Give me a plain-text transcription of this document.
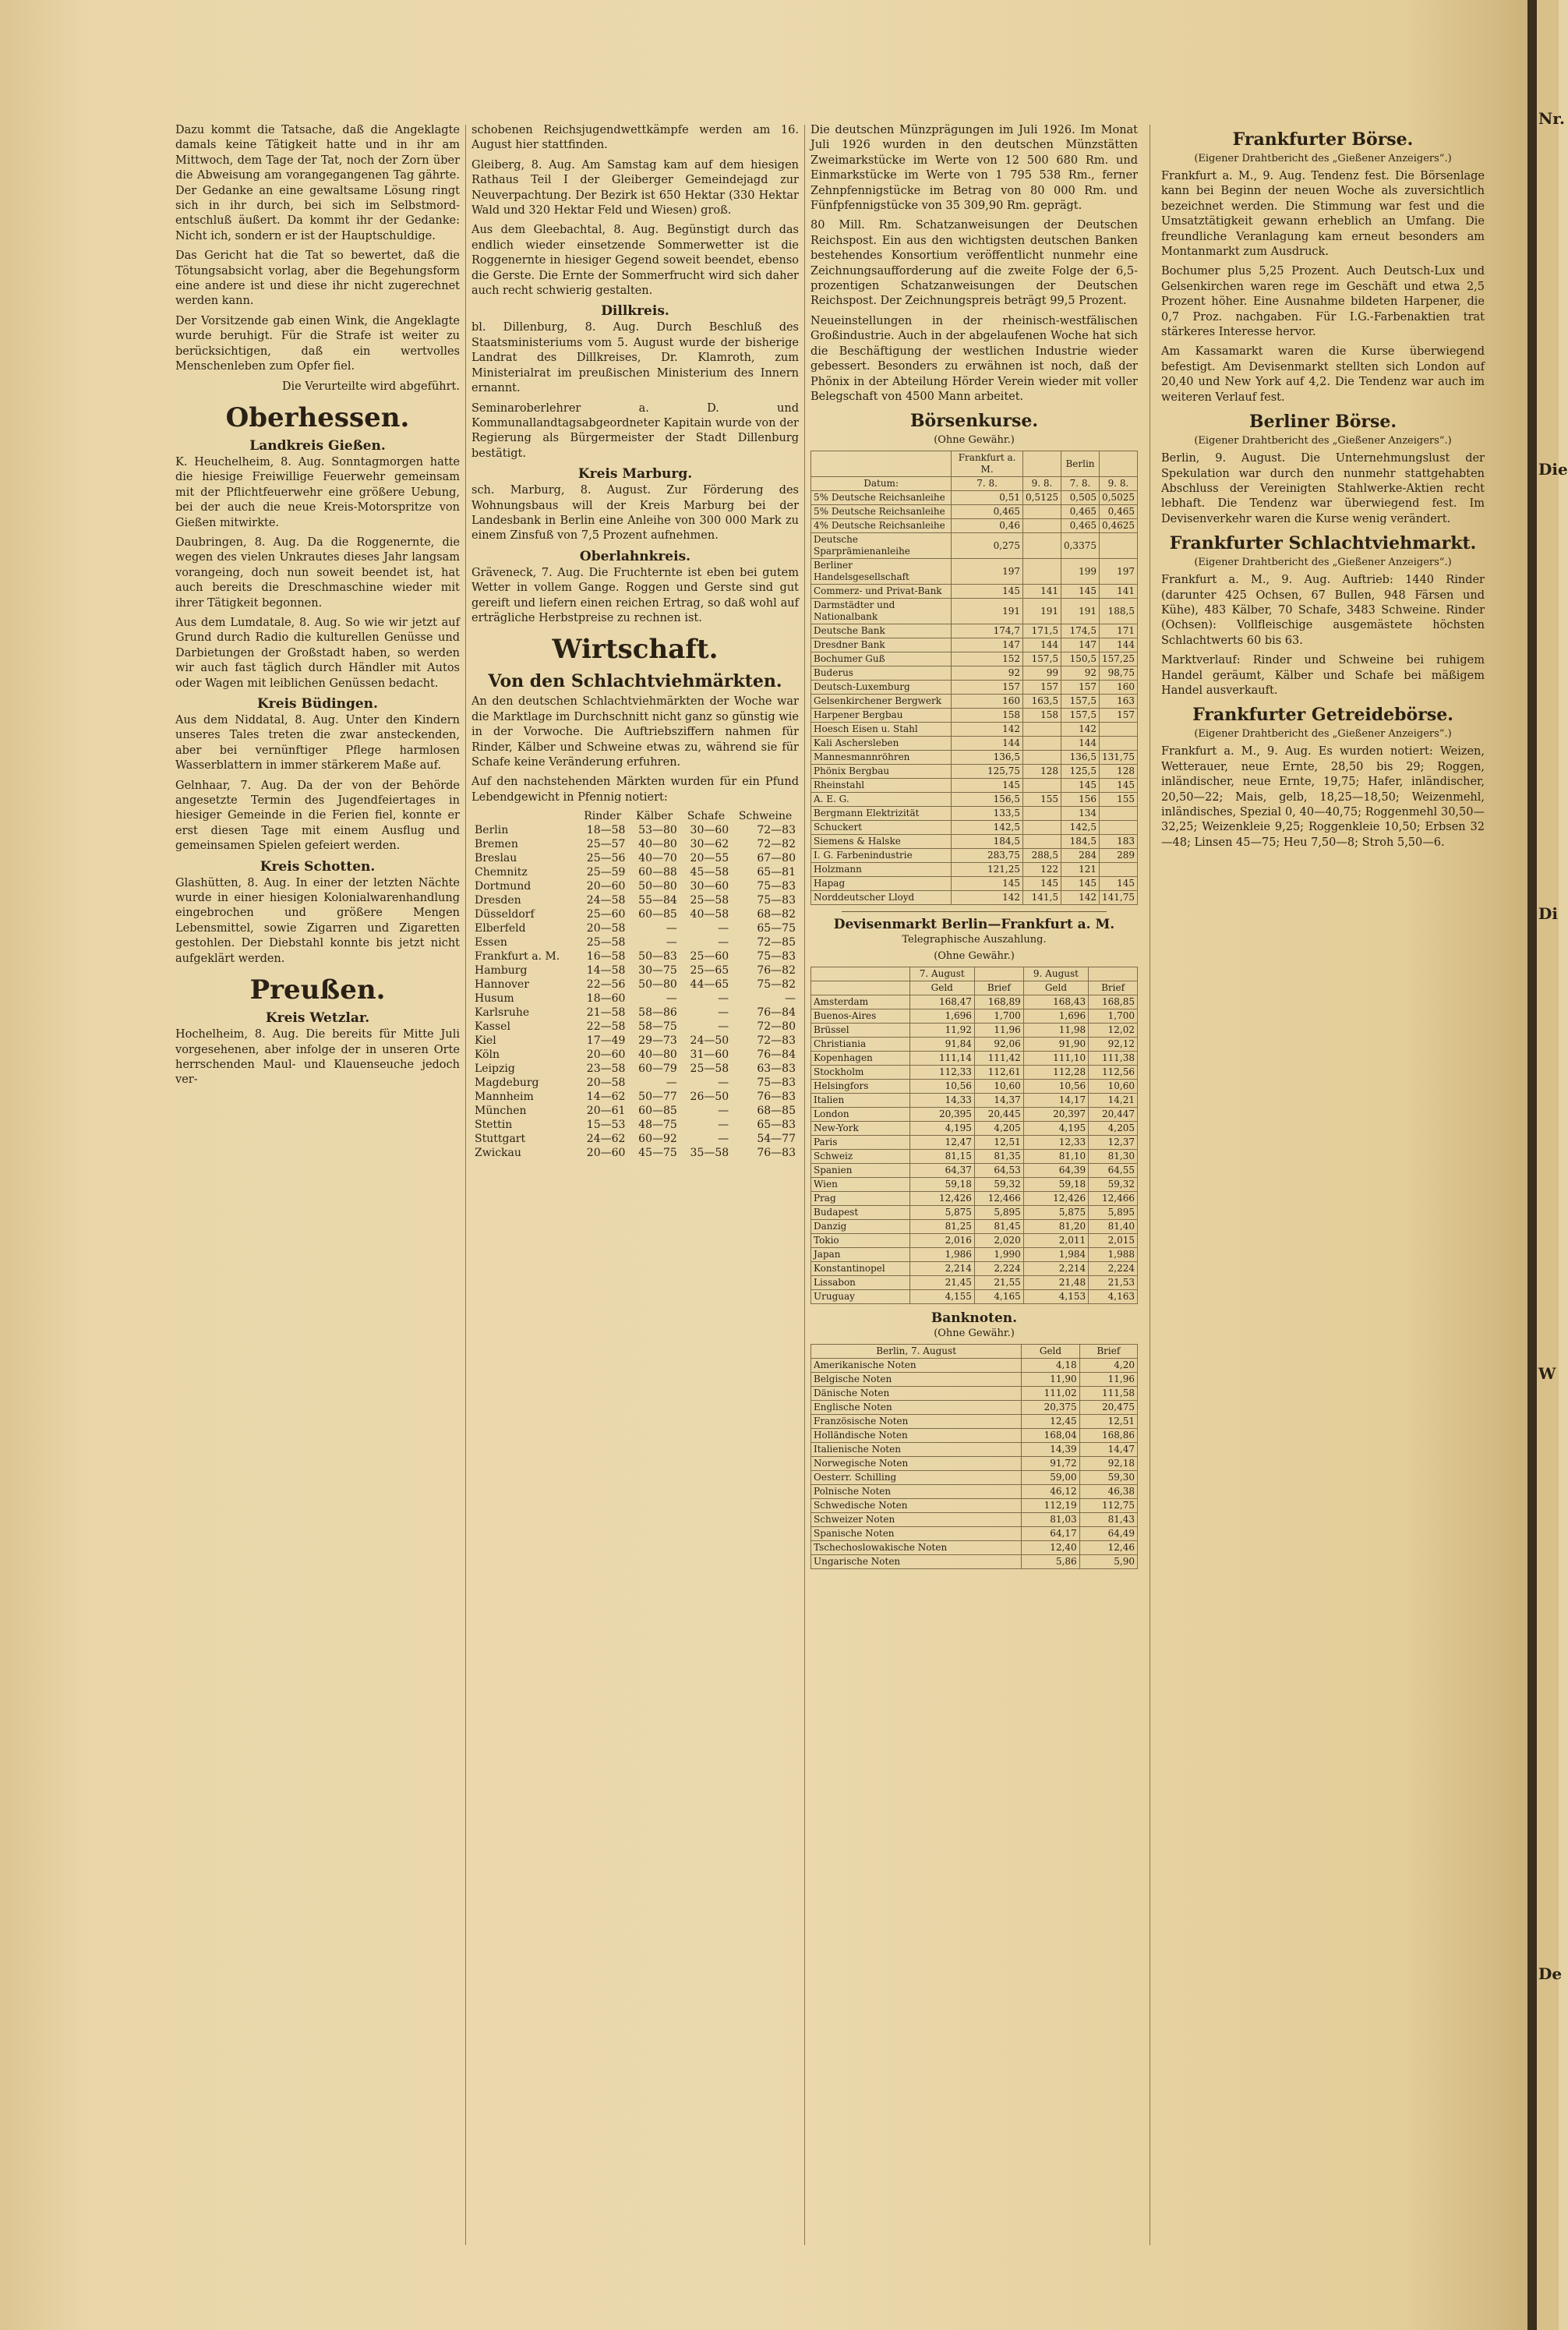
Dazu kommt die Tatsache, daß die Angeklagte damals keine Tätigkeit hatte und in ihr am Mittwoch, dem Tage der Tat, noch der Zorn über die Abweisung am vorangegangenen Tag gährte. Der Gedanke an eine gewaltsame Lösung ringt sich in ihr durch, bei sich im Selbstmord-entschluß äußert. Da kommt ihr der Gedanke: Nicht ich, sondern er ist der Hauptschuldige.

Das Gericht hat die Tat so bewertet, daß die Tötungsabsicht vorlag, aber die Begehungsform eine andere ist und diese ihr nicht zugerechnet werden kann.

Der Vorsitzende gab einen Wink, die Angeklagte wurde beruhigt. Für die Strafe ist weiter zu berücksichtigen, daß ein wertvolles Menschenleben zum Opfer fiel.

Die Verurteilte wird abgeführt.

Oberhessen.
Landkreis Gießen.

K. Heuchelheim, 8. Aug. Sonntagmorgen hatte die hiesige Freiwillige Feuerwehr gemeinsam mit der Pflichtfeuerwehr eine größere Uebung, bei der auch die neue Kreis-Motorspritze von Gießen mitwirkte.

Daubringen, 8. Aug. Da die Roggenernte, die wegen des vielen Unkrautes dieses Jahr langsam vorangeing, doch nun soweit beendet ist, hat auch bereits die Dreschmaschine wieder mit ihrer Tätigkeit begonnen.

Aus dem Lumdatale, 8. Aug. So wie wir jetzt auf Grund durch Radio die kulturellen Genüsse und Darbietungen der Großstadt haben, so werden wir auch fast täglich durch Händler mit Autos oder Wagen mit leiblichen Genüssen bedacht.

Kreis Büdingen.

Aus dem Niddatal, 8. Aug. Unter den Kindern unseres Tales treten die zwar ansteckenden, aber bei vernünftiger Pflege harmlosen Wasserblattern in immer stärkerem Maße auf.

Gelnhaar, 7. Aug. Da der von der Behörde angesetzte Termin des Jugendfeiertages in hiesiger Gemeinde in die Ferien fiel, konnte er erst diesen Tage mit einem Ausflug und gemeinsamen Spielen gefeiert werden.

Kreis Schotten.

Glashütten, 8. Aug. In einer der letzten Nächte wurde in einer hiesigen Kolonialwarenhandlung eingebrochen und größere Mengen Lebensmittel, sowie Zigarren und Zigaretten gestohlen. Der Diebstahl konnte bis jetzt nicht aufgeklärt werden.

Preußen.
Kreis Wetzlar.

Hochelheim, 8. Aug. Die bereits für Mitte Juli vorgesehenen, aber infolge der in unseren Orte herrschenden Maul- und Klauenseuche jedoch ver-

schobenen Reichsjugendwettkämpfe werden am 16. August hier stattfinden.

Gleiberg, 8. Aug. Am Samstag kam auf dem hiesigen Rathaus Teil I der Gleiberger Gemeindejagd zur Neuverpachtung. Der Bezirk ist 650 Hektar (330 Hektar Wald und 320 Hektar Feld und Wiesen) groß.

Aus dem Gleebachtal, 8. Aug. Begünstigt durch das endlich wieder einsetzende Sommerwetter ist die Roggenernte in hiesiger Gegend soweit beendet, ebenso die Gerste. Die Ernte der Sommerfrucht wird sich daher auch recht schwierig gestalten.

Dillkreis.

bl. Dillenburg, 8. Aug. Durch Beschluß des Staatsministeriums vom 5. August wurde der bisherige Landrat des Dillkreises, Dr. Klamroth, zum Ministerialrat im preußischen Ministerium des Innern ernannt.

Seminaroberlehrer a. D. und Kommunallandtagsabgeordneter Kapitain wurde von der Regierung als Bürgermeister der Stadt Dillenburg bestätigt.

Kreis Marburg.

sch. Marburg, 8. August. Zur Förderung des Wohnungsbaus will der Kreis Marburg bei der Landesbank in Berlin eine Anleihe von 300 000 Mark zu einem Zinsfuß von 7,5 Prozent aufnehmen.

Oberlahnkreis.

Gräveneck, 7. Aug. Die Fruchternte ist eben bei gutem Wetter in vollem Gange. Roggen und Gerste sind gut gereift und liefern einen reichen Ertrag, so daß wohl auf erträgliche Herbstpreise zu rechnen ist.

Wirtschaft.
Von den Schlachtviehmärkten.

An den deutschen Schlachtviehmärkten der Woche war die Marktlage im Durchschnitt nicht ganz so günstig wie in der Vorwoche. Die Auftriebsziffern nahmen für Rinder, Kälber und Schweine etwas zu, während sie für Schafe keine Veränderung erfuhren.

Auf den nachstehenden Märkten wurden für ein Pfund Lebendgewicht in Pfennig notiert:

	Rinder	Kälber	Schafe	Schweine
Berlin	18—58	53—80	30—60	72—83
Bremen	25—57	40—80	30—62	72—82
Breslau	25—56	40—70	20—55	67—80
Chemnitz	25—59	60—88	45—58	65—81
Dortmund	20—60	50—80	30—60	75—83
Dresden	24—58	55—84	25—58	75—83
Düsseldorf	25—60	60—85	40—58	68—82
Elberfeld	20—58	—	—	65—75
Essen	25—58	—	—	72—85
Frankfurt a. M.	16—58	50—83	25—60	75—83
Hamburg	14—58	30—75	25—65	76—82
Hannover	22—56	50—80	44—65	75—82
Husum	18—60	—	—	—
Karlsruhe	21—58	58—86	—	76—84
Kassel	22—58	58—75	—	72—80
Kiel	17—49	29—73	24—50	72—83
Köln	20—60	40—80	31—60	76—84
Leipzig	23—58	60—79	25—58	63—83
Magdeburg	20—58	—	—	75—83
Mannheim	14—62	50—77	26—50	76—83
München	20—61	60—85	—	68—85
Stettin	15—53	48—75	—	65—83
Stuttgart	24—62	60—92	—	54—77
Zwickau	20—60	45—75	35—58	76—83

Die deutschen Münzprägungen im Juli 1926. Im Monat Juli 1926 wurden in den deutschen Münzstätten Zweimarkstücke im Werte von 12 500 680 Rm. und Einmarkstücke im Werte von 1 795 538 Rm., ferner Zehnpfennigstücke im Betrag von 80 000 Rm. und Fünfpfennigstücke von 35 309,90 Rm. geprägt.

80 Mill. Rm. Schatzanweisungen der Deutschen Reichspost. Ein aus den wichtigsten deutschen Banken bestehendes Konsortium veröffentlicht nunmehr eine Zeichnungsaufforderung auf die zweite Folge der 6,5-prozentigen Schatzanweisungen der Deutschen Reichspost. Der Zeichnungspreis beträgt 99,5 Prozent.

Neueinstellungen in der rheinisch-westfälischen Großindustrie. Auch in der abgelaufenen Woche hat sich die Beschäftigung der westlichen Industrie wieder gebessert. Besonders zu erwähnen ist noch, daß der Phönix in der Abteilung Hörder Verein wieder mit voller Belegschaft von 4500 Mann arbeitet.

Börsenkurse.
(Ohne Gewähr.)
	Frankfurt a. M.		Berlin	
Datum:	7. 8.	9. 8.	7. 8.	9. 8.
5% Deutsche Reichsanleihe	0,51	0,5125	0,505	0,5025
5% Deutsche Reichsanleihe	0,465		0,465	0,465
4% Deutsche Reichsanleihe	0,46		0,465	0,4625
Deutsche Sparprämienanleihe	0,275		0,3375	
Berliner Handelsgesellschaft	197		199	197
Commerz- und Privat-Bank	145	141	145	141
Darmstädter und Nationalbank	191	191	191	188,5
Deutsche Bank	174,7	171,5	174,5	171
Dresdner Bank	147	144	147	144
Bochumer Guß	152	157,5	150,5	157,25
Buderus	92	99	92	98,75
Deutsch-Luxemburg	157	157	157	160
Gelsenkirchener Bergwerk	160	163,5	157,5	163
Harpener Bergbau	158	158	157,5	157
Hoesch Eisen u. Stahl	142		142	
Kali Aschersleben	144		144	
Mannesmannröhren	136,5		136,5	131,75
Phönix Bergbau	125,75	128	125,5	128
Rheinstahl	145		145	145
A. E. G.	156,5	155	156	155
Bergmann Elektrizität	133,5		134	
Schuckert	142,5		142,5	
Siemens & Halske	184,5		184,5	183
I. G. Farbenindustrie	283,75	288,5	284	289
Holzmann	121,25	122	121	
Hapag	145	145	145	145
Norddeutscher Lloyd	142	141,5	142	141,75
Devisenmarkt Berlin—Frankfurt a. M.
Telegraphische Auszahlung.
(Ohne Gewähr.)
	7. August		9. August	
	Geld	Brief	Geld	Brief
Amsterdam	168,47	168,89	168,43	168,85
Buenos-Aires	1,696	1,700	1,696	1,700
Brüssel	11,92	11,96	11,98	12,02
Christiania	91,84	92,06	91,90	92,12
Kopenhagen	111,14	111,42	111,10	111,38
Stockholm	112,33	112,61	112,28	112,56
Helsingfors	10,56	10,60	10,56	10,60
Italien	14,33	14,37	14,17	14,21
London	20,395	20,445	20,397	20,447
New-York	4,195	4,205	4,195	4,205
Paris	12,47	12,51	12,33	12,37
Schweiz	81,15	81,35	81,10	81,30
Spanien	64,37	64,53	64,39	64,55
Wien	59,18	59,32	59,18	59,32
Prag	12,426	12,466	12,426	12,466
Budapest	5,875	5,895	5,875	5,895
Danzig	81,25	81,45	81,20	81,40
Tokio	2,016	2,020	2,011	2,015
Japan	1,986	1,990	1,984	1,988
Konstantinopel	2,214	2,224	2,214	2,224
Lissabon	21,45	21,55	21,48	21,53
Uruguay	4,155	4,165	4,153	4,163
Banknoten.
(Ohne Gewähr.)
Berlin, 7. August	Geld	Brief
Amerikanische Noten	4,18	4,20
Belgische Noten	11,90	11,96
Dänische Noten	111,02	111,58
Englische Noten	20,375	20,475
Französische Noten	12,45	12,51
Holländische Noten	168,04	168,86
Italienische Noten	14,39	14,47
Norwegische Noten	91,72	92,18
Oesterr. Schilling	59,00	59,30
Polnische Noten	46,12	46,38
Schwedische Noten	112,19	112,75
Schweizer Noten	81,03	81,43
Spanische Noten	64,17	64,49
Tschechoslowakische Noten	12,40	12,46
Ungarische Noten	5,86	5,90
Frankfurter Börse.
(Eigener Drahtbericht des „Gießener Anzeigers“.)

Frankfurt a. M., 9. Aug. Tendenz fest. Die Börsenlage kann bei Beginn der neuen Woche als zuversichtlich bezeichnet werden. Die Stimmung war fest und die Umsatztätigkeit gewann erheblich an Umfang. Die freundliche Veranlagung kam erneut besonders am Montanmarkt zum Ausdruck.

Bochumer plus 5,25 Prozent. Auch Deutsch-Lux und Gelsenkirchen waren rege im Geschäft und etwa 2,5 Prozent höher. Eine Ausnahme bildeten Harpener, die 0,7 Proz. nachgaben. Für I.G.-Farbenaktien trat stärkeres Interesse hervor.

Am Kassamarkt waren die Kurse überwiegend befestigt. Am Devisenmarkt stellten sich London auf 20,40 und New York auf 4,2. Die Tendenz war auch im weiteren Verlauf fest.

Berliner Börse.
(Eigener Drahtbericht des „Gießener Anzeigers“.)

Berlin, 9. August. Die Unternehmungslust der Spekulation war durch den nunmehr stattgehabten Abschluss der Vereinigten Stahlwerke-Aktien recht lebhaft. Die Tendenz war überwiegend fest. Im Devisenverkehr waren die Kurse wenig verändert.

Frankfurter Schlachtviehmarkt.
(Eigener Drahtbericht des „Gießener Anzeigers“.)

Frankfurt a. M., 9. Aug. Auftrieb: 1440 Rinder (darunter 425 Ochsen, 67 Bullen, 948 Färsen und Kühe), 483 Kälber, 70 Schafe, 3483 Schweine. Rinder (Ochsen): Vollfleischige ausgemästete höchsten Schlachtwerts 60 bis 63.

Marktverlauf: Rinder und Schweine bei ruhigem Handel geräumt, Kälber und Schafe bei mäßigem Handel ausverkauft.

Frankfurter Getreidebörse.
(Eigener Drahtbericht des „Gießener Anzeigers“.)

Frankfurt a. M., 9. Aug. Es wurden notiert: Weizen, Wetterauer, neue Ernte, 28,50 bis 29; Roggen, inländischer, neue Ernte, 19,75; Hafer, inländischer, 20,50—22; Mais, gelb, 18,25—18,50; Weizenmehl, inländisches, Spezial 0, 40—40,75; Roggenmehl 30,50—32,25; Weizenkleie 9,25; Roggenkleie 10,50; Erbsen 32—48; Linsen 45—75; Heu 7,50—8; Stroh 5,50—6.

Nr.
Die
Di
W
De
